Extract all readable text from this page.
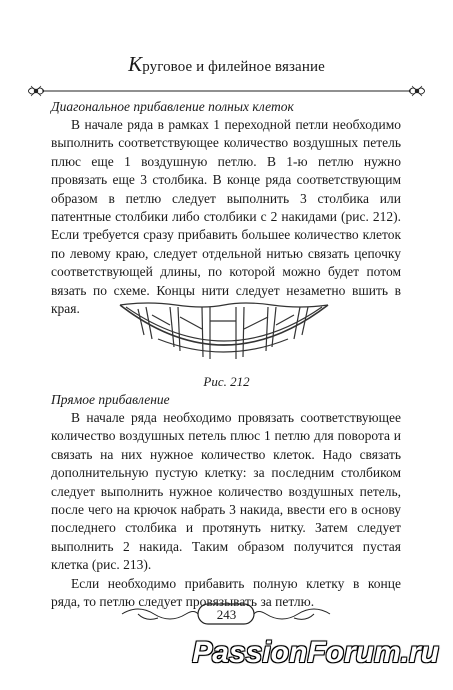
Круговое и филейное вязание
Диагональное прибавление полных клеток

В начале ряда в рамках 1 переходной петли необходимо выполнить соответствующее количество воздушных петель плюс еще 1 воздушную петлю. В 1-ю петлю нужно провязать еще 3 столбика. В конце ряда соответствующим образом в петлю следует выполнить 3 столбика или патентные столбики либо столбики с 2 накидами (рис. 212). Если требуется сразу прибавить большее количество клеток по левому краю, следует отдельной нитью связать цепочку соответствующей длины, по которой можно будет потом вязать по схеме. Концы нити следует незаметно вшить в края.

Рис. 212
Прямое прибавление

В начале ряда необходимо провязать соответствующее количество воздушных петель плюс 1 петлю для поворота и связать на них нужное количество клеток. Надо связать дополнительную пустую клетку: за последним столбиком следует выполнить нужное количество воздушных петель, после чего на крючок набрать 3 накида, ввести его в основу последнего столбика и протянуть нитку. Затем следует выполнить 2 накида. Таким образом получится пустая клетка (рис. 213).

Если необходимо прибавить полную клетку в конце ряда, то петлю следует провязывать за петлю.

243
PassionForum.ru
